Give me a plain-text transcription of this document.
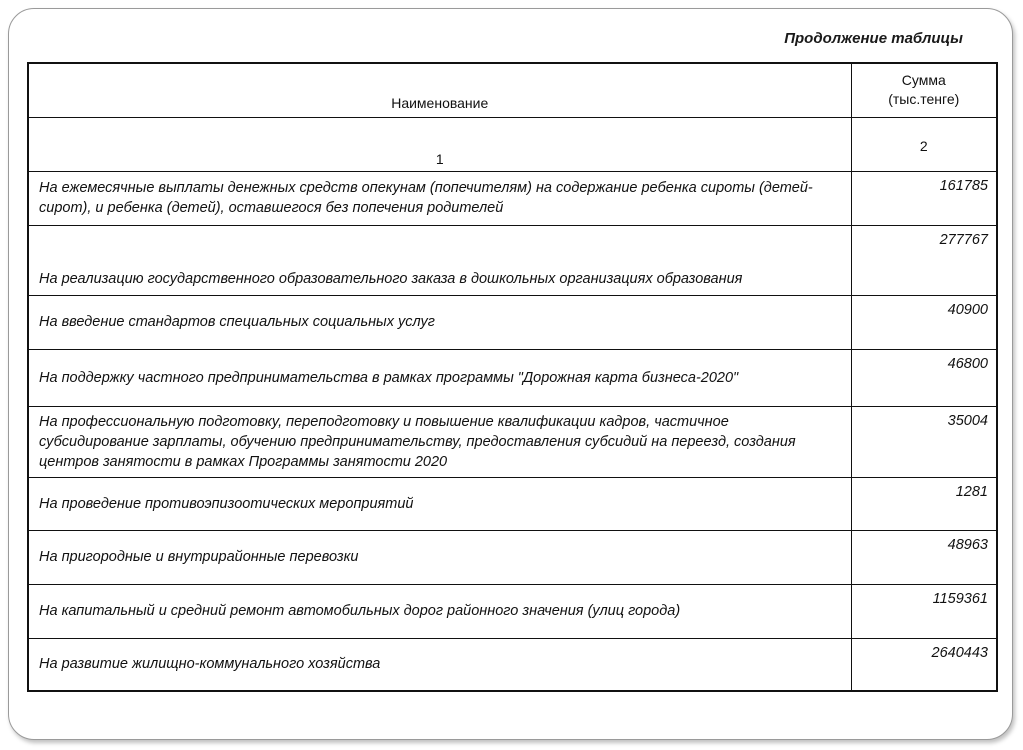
Продолжение таблицы
Наименование	Сумма
(тыс.тенге)

1	2
На ежемесячные выплаты денежных средств опекунам (попечителям) на содержание ребенка сироты (детей-сирот), и ребенка (детей), оставшегося без попечения родителей	161785
На реализацию государственного образовательного заказа в дошкольных организациях образования	277767
На введение стандартов специальных социальных услуг	40900
На поддержку частного предпринимательства в рамках программы "Дорожная карта бизнеса-2020"	46800
На профессиональную подготовку, переподготовку и повышение квалификации кадров, частичное субсидирование зарплаты, обучению предпринимательству, предоставления субсидий на переезд, создания центров занятости в рамках Программы занятости 2020	35004
На проведение противоэпизоотических мероприятий	1281
На пригородные и внутрирайонные перевозки	48963
На капитальный и средний ремонт автомобильных дорог районного значения (улиц города)	1159361
На развитие жилищно-коммунального хозяйства	2640443
